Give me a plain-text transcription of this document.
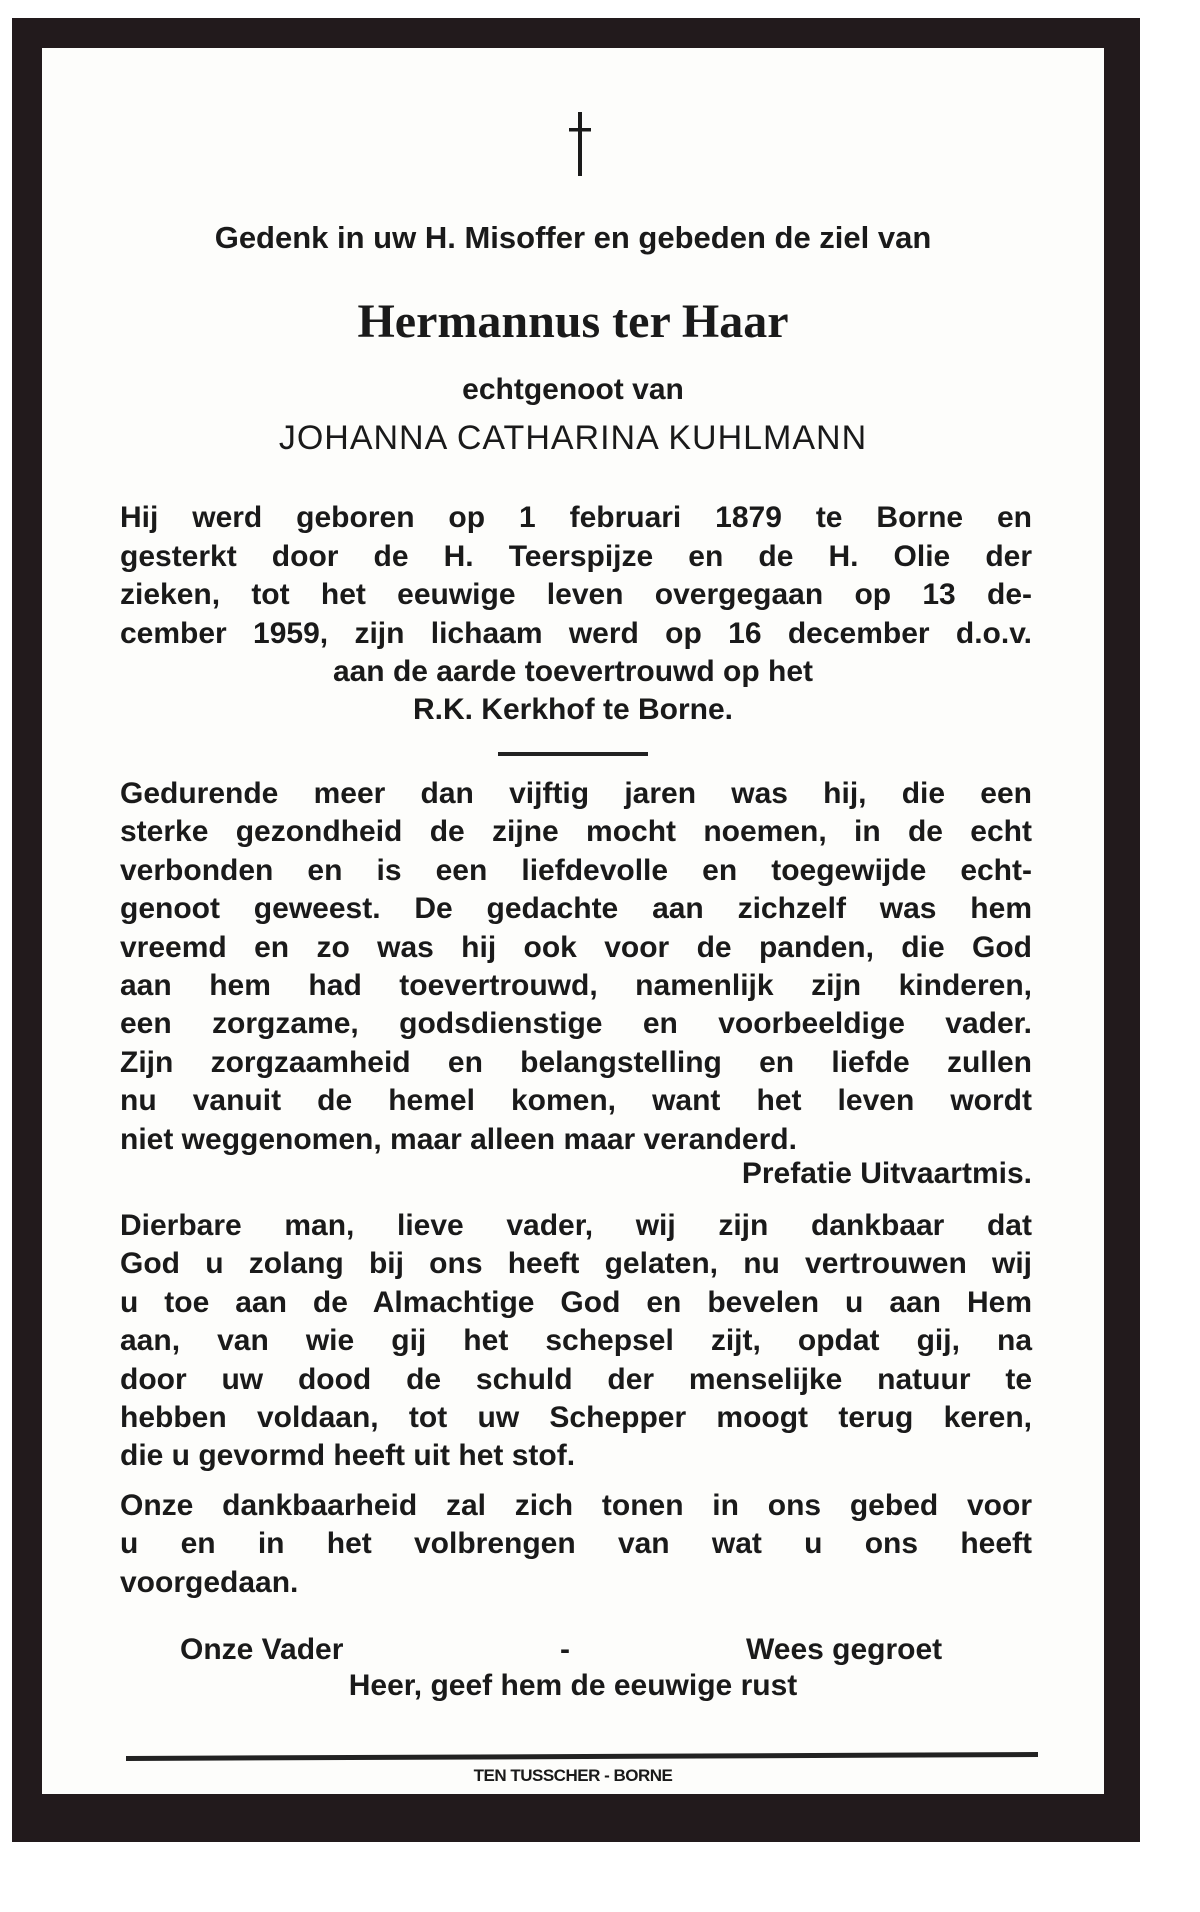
Gedenk in uw H. Misoffer en gebeden de ziel van
Hermannus ter Haar
echtgenoot van
JOHANNA CATHARINA KUHLMANN
Hij werd geboren op 1 februari 1879 te Borne en
gesterkt door de H. Teerspijze en de H. Olie der
zieken, tot het eeuwige leven overgegaan op 13 de-
cember 1959, zijn lichaam werd op 16 december d.o.v.
aan de aarde toevertrouwd op het
R.K. Kerkhof te Borne.
Gedurende meer dan vijftig jaren was hij, die een
sterke gezondheid de zijne mocht noemen, in de echt
verbonden en is een liefdevolle en toegewijde echt-
genoot geweest. De gedachte aan zichzelf was hem
vreemd en zo was hij ook voor de panden, die God
aan hem had toevertrouwd, namenlijk zijn kinderen,
een zorgzame, godsdienstige en voorbeeldige vader.
Zijn zorgzaamheid en belangstelling en liefde zullen
nu vanuit de hemel komen, want het leven wordt
niet weggenomen, maar alleen maar veranderd.
Prefatie Uitvaartmis.
Dierbare man, lieve vader, wij zijn dankbaar dat
God u zolang bij ons heeft gelaten, nu vertrouwen wij
u toe aan de Almachtige God en bevelen u aan Hem
aan, van wie gij het schepsel zijt, opdat gij, na
door uw dood de schuld der menselijke natuur te
hebben voldaan, tot uw Schepper moogt terug keren,
die u gevormd heeft uit het stof.
Onze dankbaarheid zal zich tonen in ons gebed voor
u en in het volbrengen van wat u ons heeft
voorgedaan.
Onze Vader	-	Wees gegroet
Heer, geef hem de eeuwige rust
TEN TUSSCHER - BORNE
